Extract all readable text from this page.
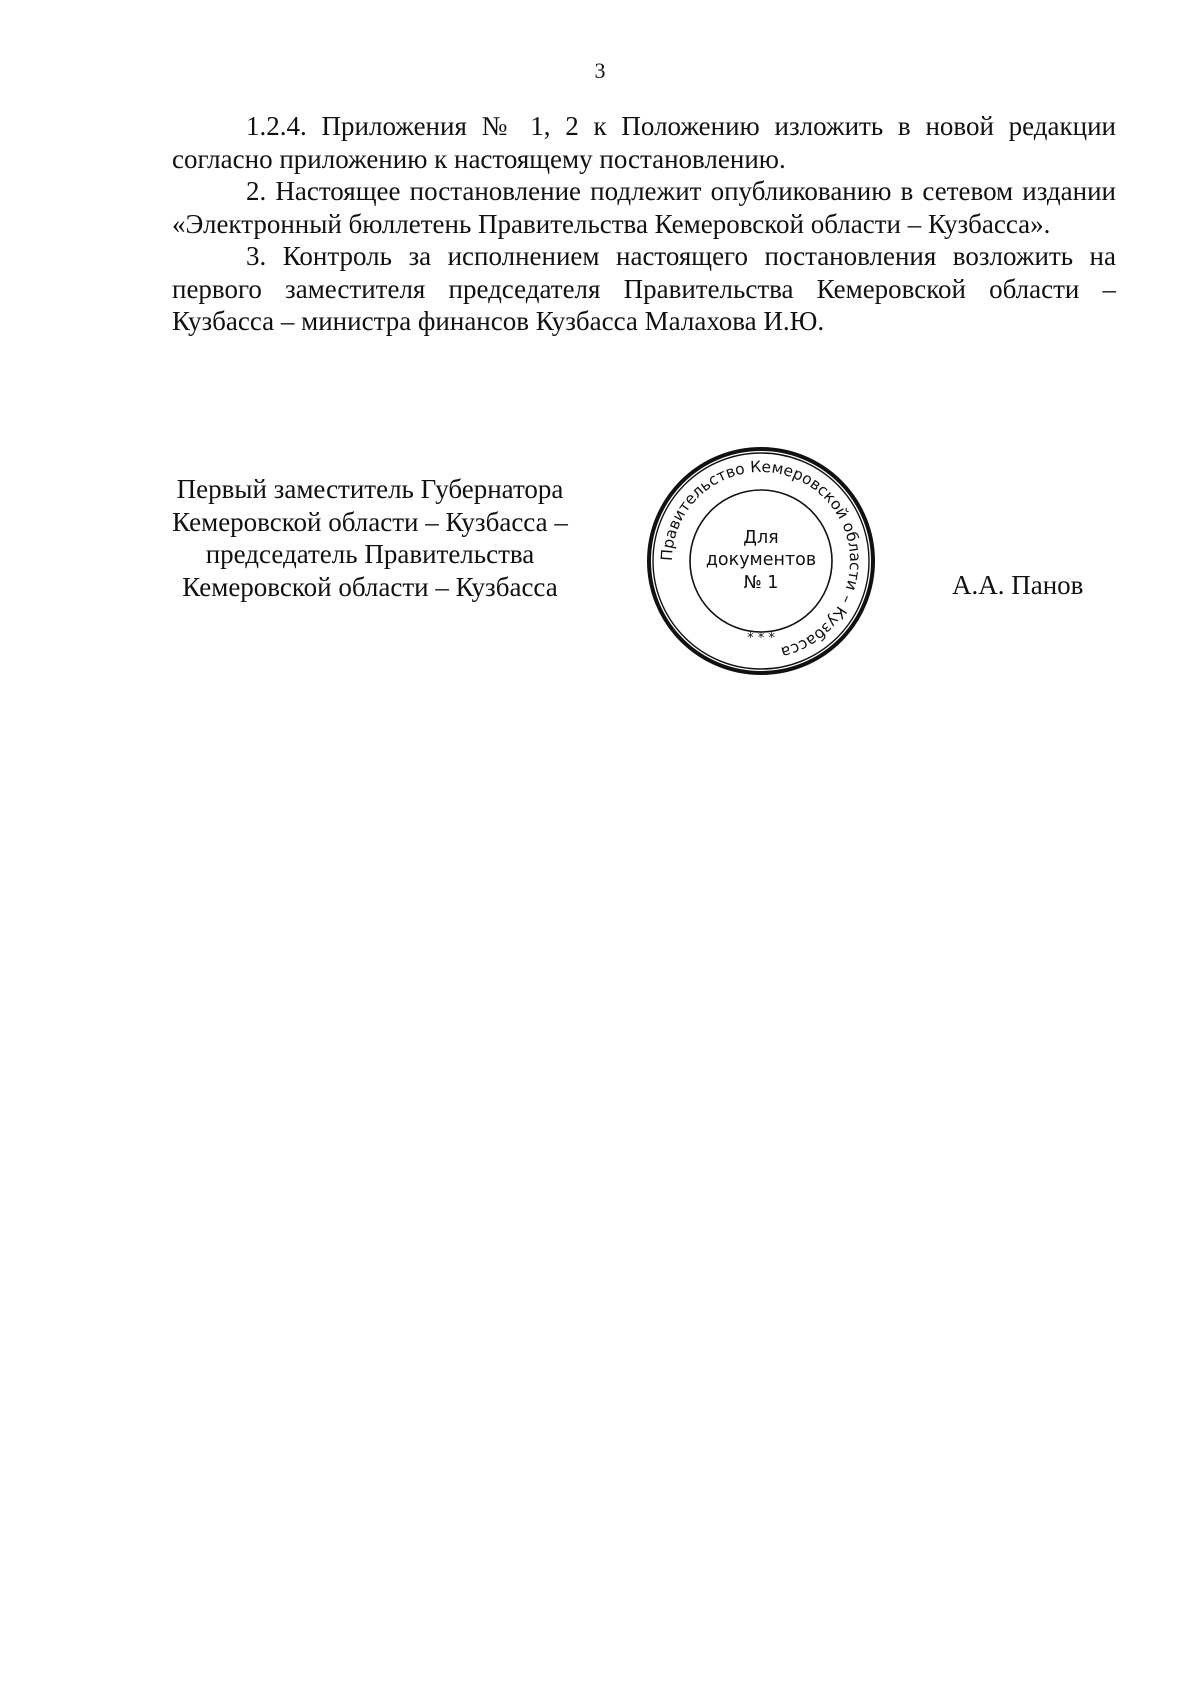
3

1.2.4. Приложения № 1, 2 к Положению изложить в новой редакции согласно приложению к настоящему постановлению.

2. Настоящее постановление подлежит опубликованию в сетевом издании «Электронный бюллетень Правительства Кемеровской области – Кузбасса».

3. Контроль за исполнением настоящего постановления возложить на первого заместителя председателя Правительства Кемеровской области – Кузбасса – министра финансов Кузбасса Малахова И.Ю.

Первый заместитель Губернатора
Кемеровской области – Кузбасса –
председатель Правительства
Кемеровской области – Кузбасса
Правительство Кемеровской области – Кузбасса
* * *
Для
документов
№ 1	А.А. Панов
